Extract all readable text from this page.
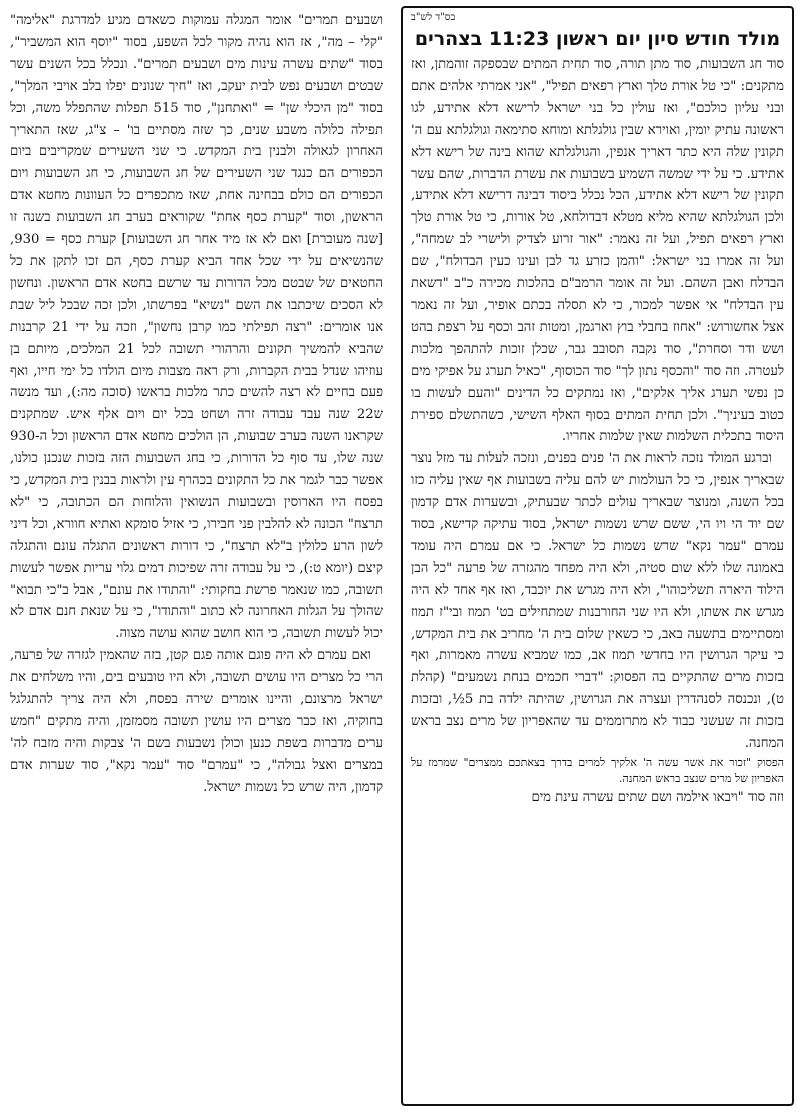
בס"ד לש"ב
מולד חודש סיון יום ראשון 11:23 בצהרים

סוד חג השבועות, סוד מתן תורה, סוד תחית המתים שבספקה זוהמתן, ואז מתקנים: "כי טל אורת טלך וארץ רפאים תפיל", "אני אמרתי אלהים אתם ובני עליון כולכם", ואז עולין כל בני ישראל לרישא דלא אתידע, לגו ראשונה עתיק יומין, ואוירא שבין גולגלתא ומוחא סתימאה וגולגלתא עם ה' תקונין שלה היא כתר דאריך אנפין, והגולגלתא שהוא בינה של רישא דלא אתידע. כי על ידי שמשה השמיע בשבועות את עשרת הדברות, שהם עשר תקונין של רישא דלא אתידע, הכל נכלל ביסוד דבינה דרישא דלא אתידע, ולכן הגולגלתא שהיא מליא מטלא דבדולחא, טל אורות, כי טל אורת טלך וארץ רפאים תפיל, ועל זה נאמר: "אור זרוע לצדיק ולישרי לב שמחה", ועל זה אמרו בני ישראל: "והמן כזרע גד לבן ועינו כעין הבדולח", שם הבדלח ואבן השהם. ועל זה אומר הרמב"ם בהלכות מכירה כ"ב "דשאת עין הבדלח" אי אפשר למכור, כי לא תסלה בכתם אופיר, ועל זה נאמר אצל אחשורוש: "אחוז בחבלי בוץ וארגמן, ומטות זהב וכסף על רצפת בהט ושש ודר וסחרת", סוד נקבה תסובב גבר, שכלן זוכות להתהפך מלכות לעטרה. וזה סוד "והכסף נתון לך" סוד הכוסוף, "כאיל תערג על אפיקי מים כן נפשי תערג אליך אלקים", ואז נמתקים כל הדינים "והעם לעשות בו כטוב בעיניך". ולכן תחית המתים בסוף האלף השישי, כשהתשלם ספירת היסוד בתכלית השלמות שאין שלמות אחריו.

וברגע המולד נזכה לראות את ה' פנים בפנים, ונזכה לעלות עד מזל נוצר שבאריך אנפין, כי כל העולמות יש להם עליה בשבועות אף שאין עליה כזו בכל השנה, ומנוצר שבאריך עולים לכתר שבעתיק, ובשערות אדם קדמון שם יוד הי ויו הי, ששם שרש נשמות ישראל, בסוד עתיקה קדישא, בסוד עמרם "עמר נקא" שרש נשמות כל ישראל. כי אם עמרם היה עומד באמונה שלו ללא שום סטיה, ולא היה מפחד מהגזרה של פרעה "כל הבן הילוד היארה תשליכוהו", ולא היה מגרש את יוכבד, ואז אף אחד לא היה מגרש את אשתו, ולא היו שני החורבנות שמתחילים בט' תמוז ובי"ז תמוז ומסתיימים בתשעה באב, כי כשאין שלום בית ה' מחריב את בית המקדש, כי עיקר הגרושין היו בחדשי תמוז אב, כמו שמביא עשרה מאמרות, ואף בזכות מרים שהתקיים בה הפסוק: "דברי חכמים בנחת נשמעים" (קהלת ט), ונכנסה לסנהדרין ועצרה את הגרושין, שהיתה ילדה בת 5½, ובזכות בזכות זה שעשני כבוד לא מתרוממים עד שהאפריון של מרים נצב בראש המחנה.

הפסוק "זכור את אשר עשה ה' אלקיך למרים בדרך בצאתכם ממצרים" שמרמז על האפריון של מרים שנצב בראש המחנה.

וזה סוד "ויבאו אילמה ושם שתים עשרה עינת מים

ושבעים תמרים" אומר המגלה עמוקות כשאדם מגיע למדרגת "אלימה" "קלי – מה", אז הוא נהיה מקור לכל השפע, בסוד "יוסף הוא המשביר", בסוד "שתים עשרה עינות מים ושבעים תמרים". ונכלל בכל השנים עשר שבטים ושבעים נפש לבית יעקב, ואז "חיך שנונים יפלו בלב אויבי המלך", בסוד "מן היכלי שן" = "ואתחנן", סוד 515 תפלות שהתפלל משה, וכל תפילה כלולה משבע שנים, כך שזה מסתיים בו' – צ"ג, שאז התאריך האחרון לגאולה ולבנין בית המקדש. כי שני השעירים שמקריבים ביום הכפורים הם כנגד שני השעירים של חג השבועות, כי חג השבועות ויום הכפורים הם כולם בבחינה אחת, שאז מתכפרים כל העוונות מחטא אדם הראשון, וסוד "קערת כסף אחת" שקוראים בערב חג השבועות בשנה זו [שנה מעוברת] ואם לא אז מיד אחר חג השבועות] קערת כסף = 930, שהנשיאים על ידי שכל אחד הביא קערת כסף, הם זכו לתקן את כל החטאים של שבטם מכל הדורות עד שרשם בחטא אדם הראשון. ונחשון לא הסכים שיכתבו את השם "נשיא" בפרשתו, ולכן זכה שבכל ליל שבת אנו אומרים: "רצה תפילתי כמו קרבן נחשון", וזכה על ידי 21 קרבנות שהביא להמשיך תקונים והרהורי תשובה לכל 21 המלכים, מיותם בן עוזיהו שנדל בבית הקברות, ורק ראה מצבות מיום הולדו כל ימי חייו, ואף פעם בחיים לא רצה להשים כתר מלכות בראשו (סוכה מה:), ועד מנשה ש22 שנה עבד עבודה זרה ושחט בכל יום ויום אלף איש. שמתקנים שקראנו השנה בערב שבועות, הן הולכים מחטא אדם הראשון וכל ה-930 שנה שלו, עד סוף כל הדורות, כי בחג השבועות הזה בזכות שנכנן כולנו, אפשר כבר לגמר את כל התקונים בכהרף עין ולראות בבנין בית המקדש, כי בפסח היו הארוסין ובשבועות הנשואין והלוחות הם הכתובה, כי "לא תרצח" הכונה לא להלבין פני חבירו, כי אזיל סומקא ואתיא חוורא, וכל דיני לשון הרע כלולין ב"לא תרצח", כי דורות ראשונים התגלה עונם והתגלה קיצם (יומא ט:), כי על עבודה זרה שפיכות דמים גלוי עריות אפשר לעשות תשובה, כמו שנאמר פרשת בחקותי: "והתודו את עונם", אבל ב"כי תבוא" שהולך על הגלות האחרונה לא כתוב "והתודו", כי על שנאת חנם אדם לא יכול לעשות תשובה, כי הוא חושב שהוא עושה מצוה.

ואם עמרם לא היה פוגם אותה פגם קטן, בזה שהאמין לגזרה של פרעה, הרי כל מצרים היו עושים תשובה, ולא היו טובעים בים, והיו משלחים את ישראל מרצונם, והיינו אומרים שירה בפסח, ולא היה צריך להתגלגל בחוקיה, ואז כבר מצרים היו עושין תשובה מסמזמן, והיה מתקים "חמש ערים מדברות בשפת כנען וכולן נשבעות בשם ה' צבקות והיה מזבח לה' במצרים ואצל גבולה", כי "עמרם" סוד "עמר נקא", סוד שערות אדם קדמון, היה שרש כל נשמות ישראל.
